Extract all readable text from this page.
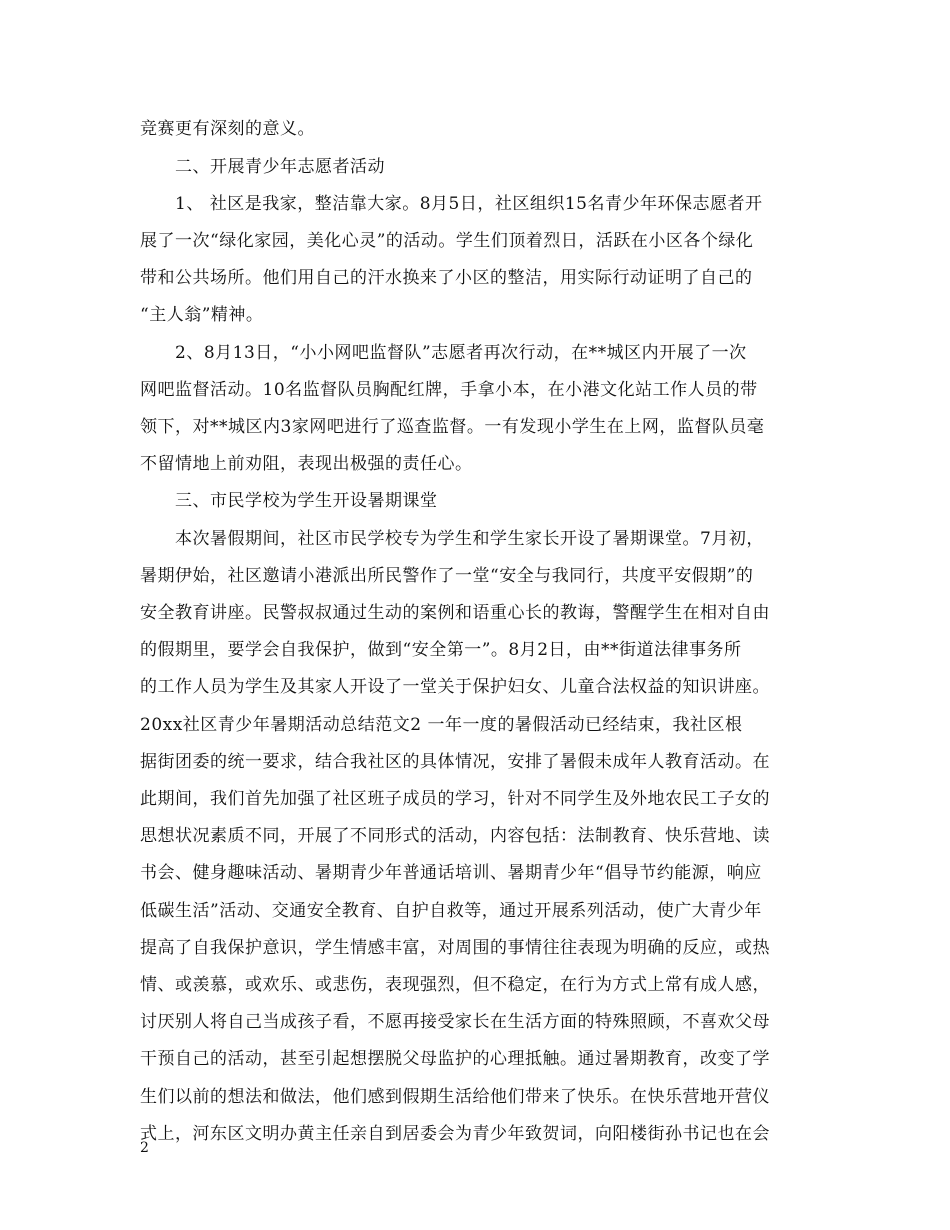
竞赛更有深刻的意义。
二、开展青少年志愿者活动
1、 社区是我家，整洁靠大家。8月5日，社区组织15名青少年环保志愿者开
展了一次“绿化家园，美化心灵”的活动。学生们顶着烈日，活跃在小区各个绿化
带和公共场所。他们用自己的汗水换来了小区的整洁，用实际行动证明了自己的
“主人翁”精神。
2、8月13日，“小小网吧监督队”志愿者再次行动，在**城区内开展了一次
网吧监督活动。10名监督队员胸配红牌，手拿小本，在小港文化站工作人员的带
领下，对**城区内3家网吧进行了巡查监督。一有发现小学生在上网，监督队员毫
不留情地上前劝阻，表现出极强的责任心。
三、市民学校为学生开设暑期课堂
本次暑假期间，社区市民学校专为学生和学生家长开设了暑期课堂。7月初，
暑期伊始，社区邀请小港派出所民警作了一堂“安全与我同行，共度平安假期”的
安全教育讲座。民警叔叔通过生动的案例和语重心长的教诲，警醒学生在相对自由
的假期里，要学会自我保护，做到“安全第一”。8月2日，由**街道法律事务所
的工作人员为学生及其家人开设了一堂关于保护妇女、儿童合法权益的知识讲座。
20xx社区青少年暑期活动总结范文2 一年一度的暑假活动已经结束，我社区根
据街团委的统一要求，结合我社区的具体情况，安排了暑假未成年人教育活动。在
此期间，我们首先加强了社区班子成员的学习，针对不同学生及外地农民工子女的
思想状况素质不同，开展了不同形式的活动，内容包括：法制教育、快乐营地、读
书会、健身趣味活动、暑期青少年普通话培训、暑期青少年“倡导节约能源，响应
低碳生活”活动、交通安全教育、自护自救等，通过开展系列活动，使广大青少年
提高了自我保护意识，学生情感丰富，对周围的事情往往表现为明确的反应，或热
情、或羡慕，或欢乐、或悲伤，表现强烈，但不稳定，在行为方式上常有成人感，
讨厌别人将自己当成孩子看，不愿再接受家长在生活方面的特殊照顾，不喜欢父母
干预自己的活动，甚至引起想摆脱父母监护的心理抵触。通过暑期教育，改变了学
生们以前的想法和做法，他们感到假期生活给他们带来了快乐。在快乐营地开营仪
式上，河东区文明办黄主任亲自到居委会为青少年致贺词，向阳楼街孙书记也在会
2
